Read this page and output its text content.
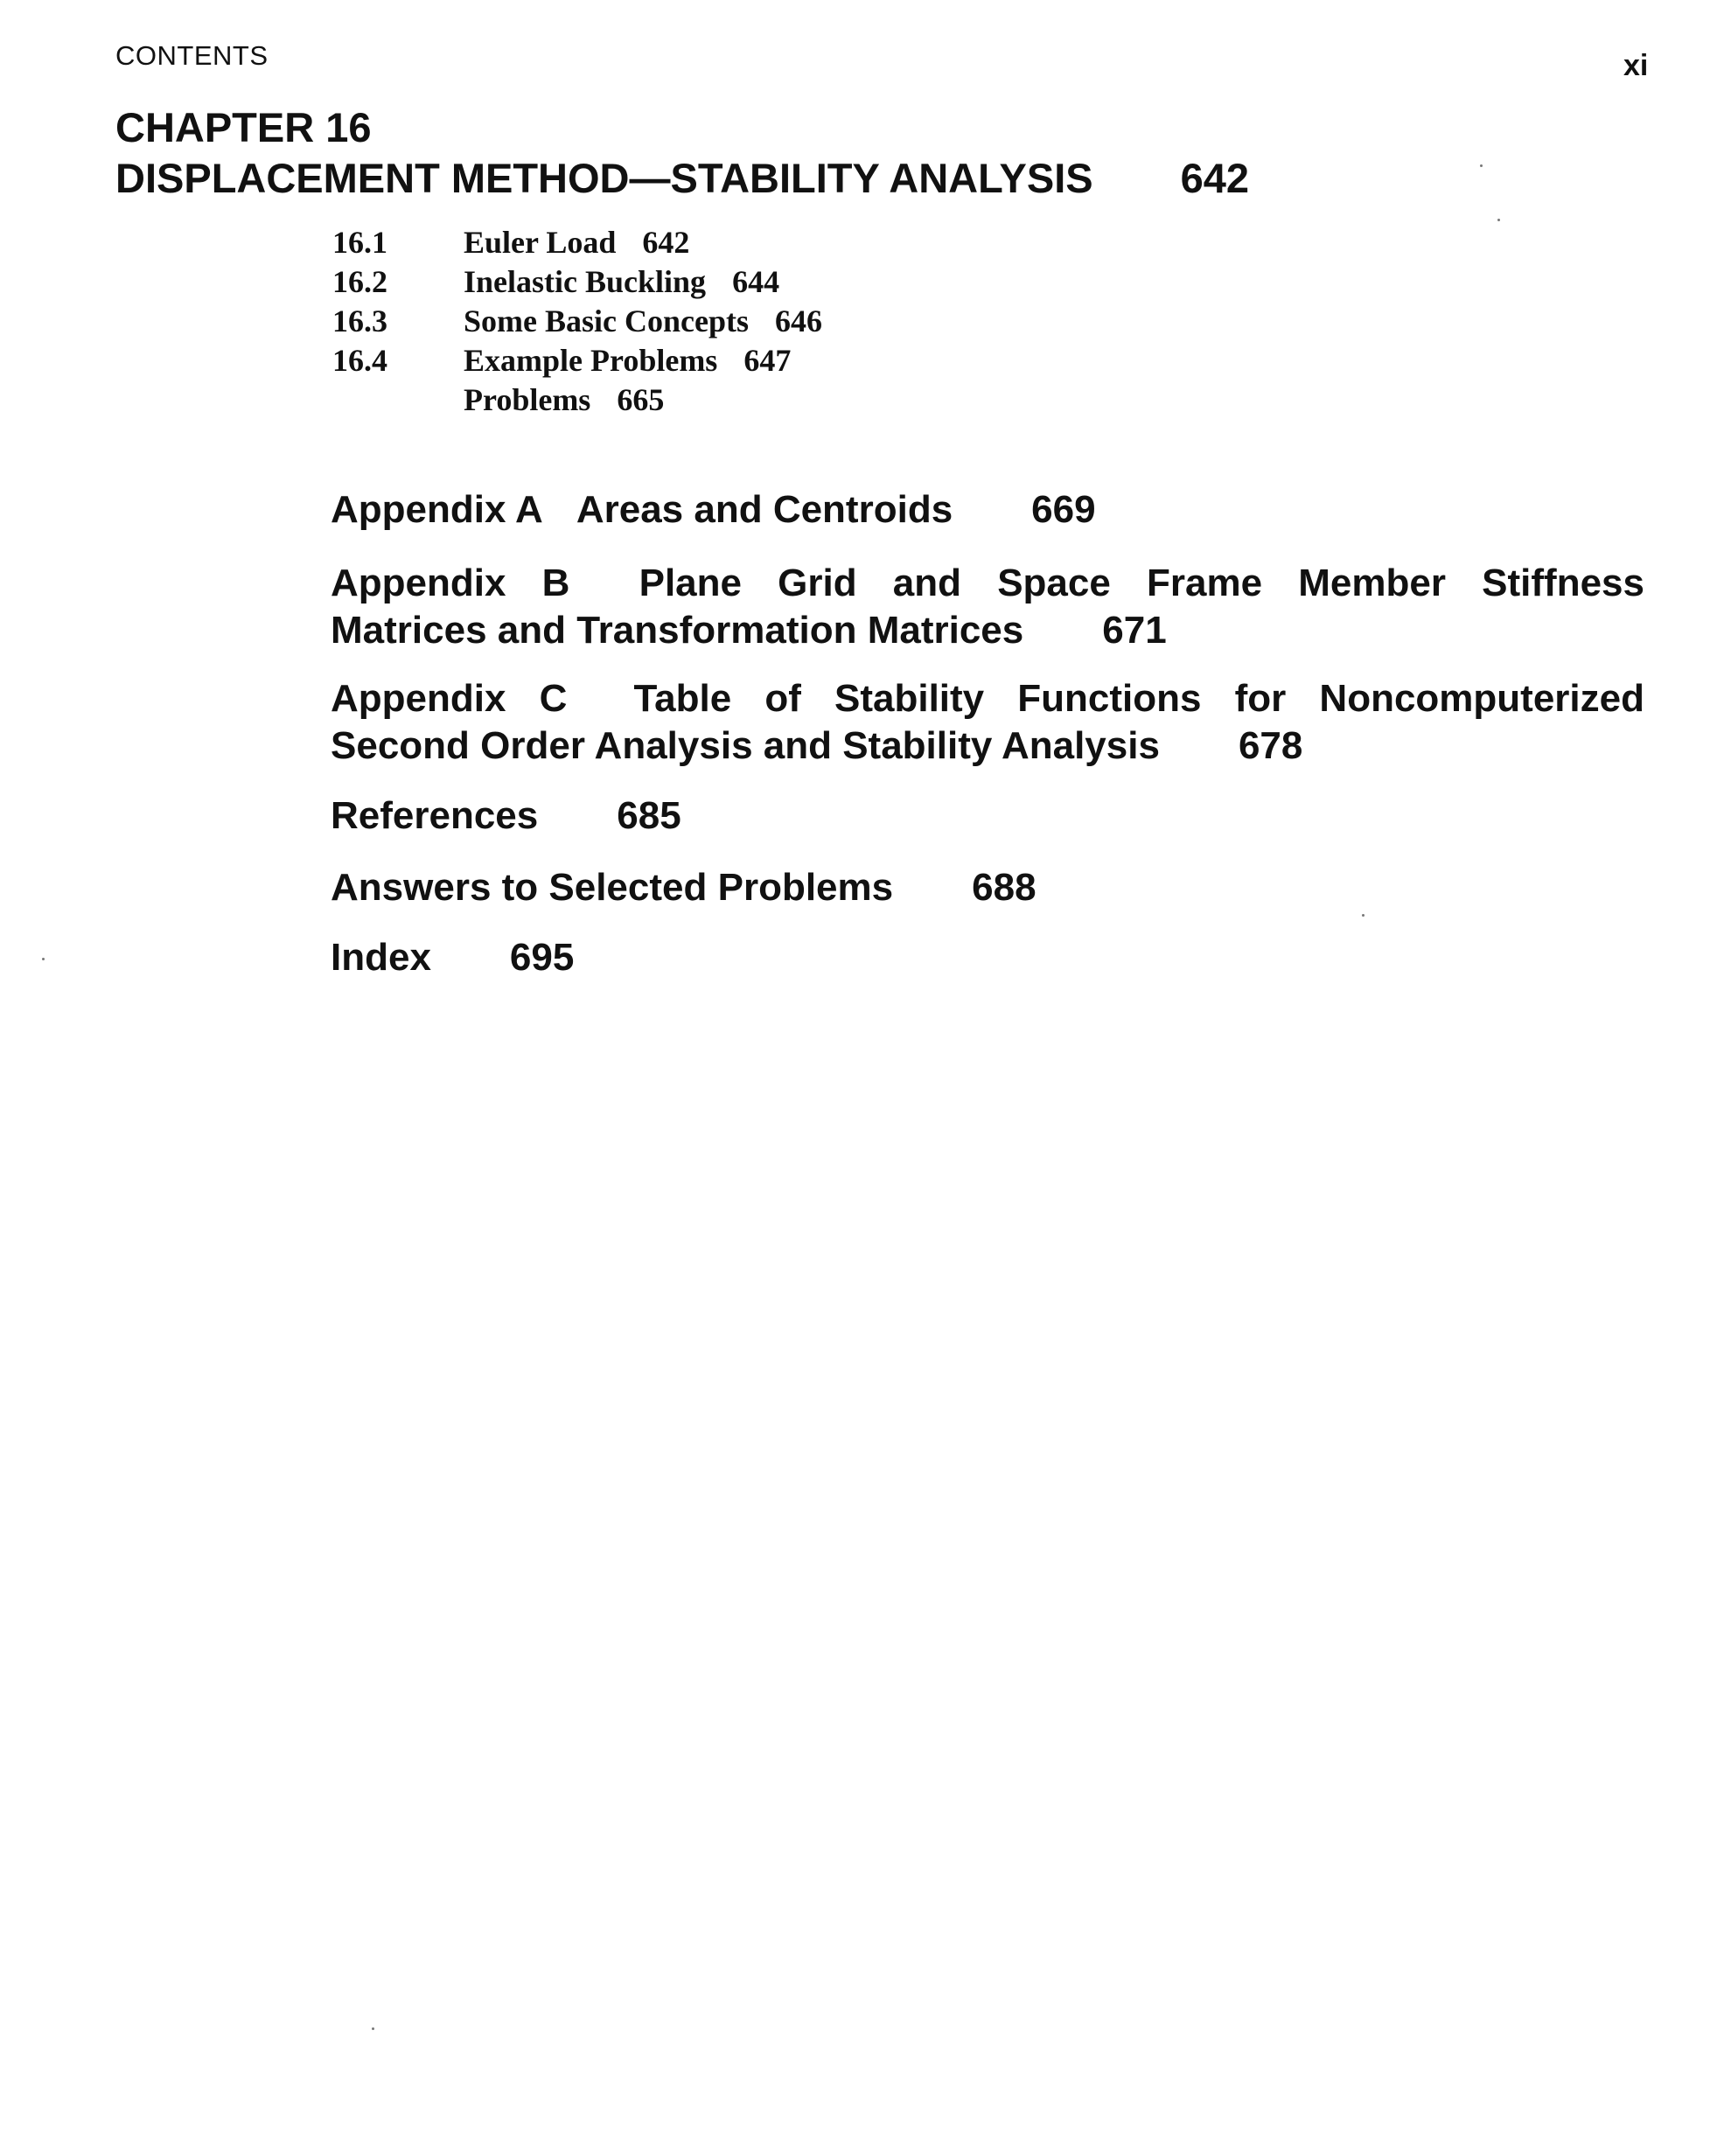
CONTENTS	xi
CHAPTER 16
DISPLACEMENT METHOD—STABILITY ANALYSIS 642
16.1 Euler Load 642
16.2 Inelastic Buckling 644
16.3 Some Basic Concepts 646
16.4 Example Problems 647
Problems 665
Appendix A Areas and Centroids 669
Appendix B Plane Grid and Space Frame Member Stiffness
Matrices and Transformation Matrices 671
Appendix C Table of Stability Functions for Noncomputerized
Second Order Analysis and Stability Analysis 678
References 685
Answers to Selected Problems 688
Index 695
